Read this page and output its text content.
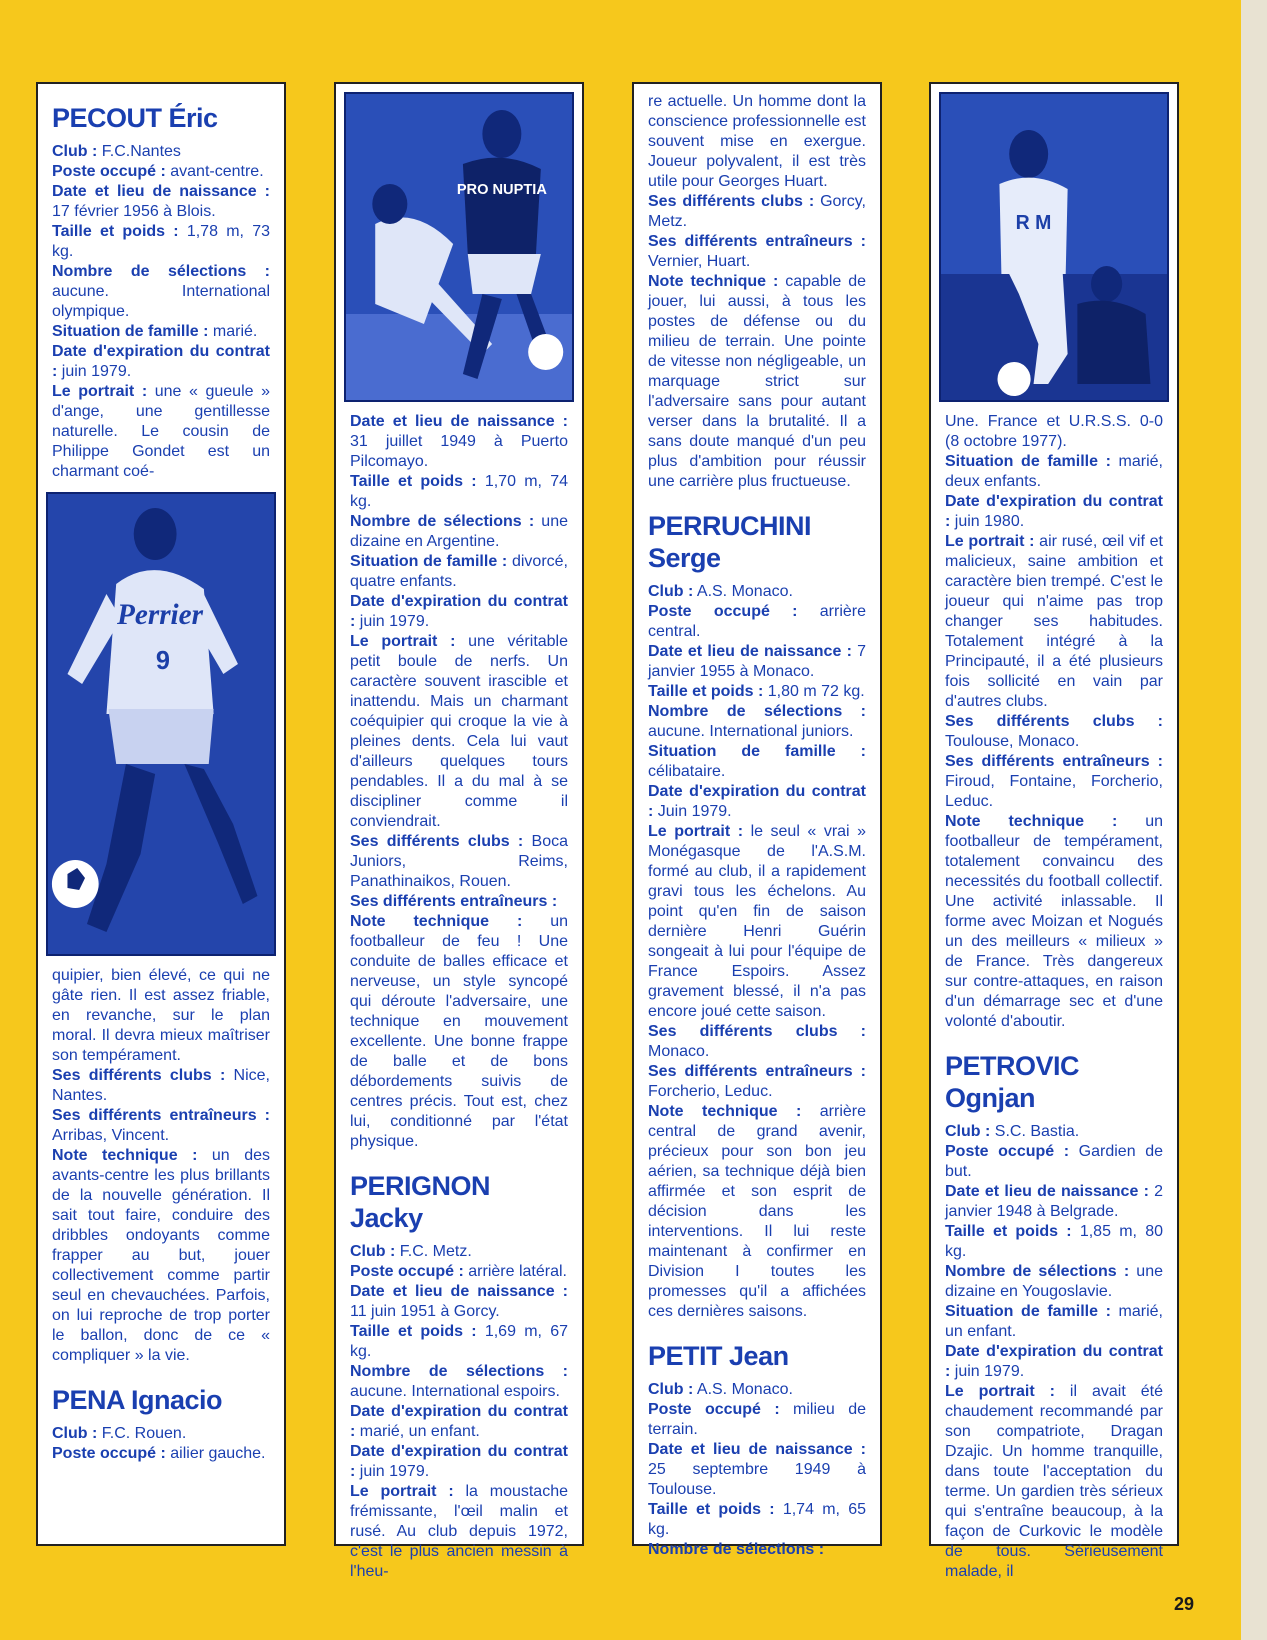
PECOUT Éric

Club : F.C.Nantes

Poste occupé : avant-centre.

Date et lieu de naissance : 17 février 1956 à Blois.

Taille et poids : 1,78 m, 73 kg.

Nombre de sélections : aucune. International olympique.

Situation de famille : marié.

Date d'expiration du contrat : juin 1979.

Le portrait : une « gueule » d'ange, une gentillesse naturelle. Le cousin de Philippe Gondet est un charmant coé-

Perrier
9

quipier, bien élevé, ce qui ne gâte rien. Il est assez friable, en revanche, sur le plan moral. Il devra mieux maîtriser son tempérament.

Ses différents clubs : Nice, Nantes.

Ses différents entraîneurs : Arribas, Vincent.

Note technique : un des avants-centre les plus brillants de la nouvelle génération. Il sait tout faire, conduire des dribbles ondoyants comme frapper au but, jouer collectivement comme partir seul en chevauchées. Parfois, on lui reproche de trop porter le ballon, donc de ce « compliquer » la vie.

PENA Ignacio

Club : F.C. Rouen.

Poste occupé : ailier gauche.

PRO NUPTIA

Date et lieu de naissance : 31 juillet 1949 à Puerto Pilcomayo.

Taille et poids : 1,70 m, 74 kg.

Nombre de sélections : une dizaine en Argentine.

Situation de famille : divorcé, quatre enfants.

Date d'expiration du contrat : juin 1979.

Le portrait : une véritable petit boule de nerfs. Un caractère souvent irascible et inattendu. Mais un charmant coéquipier qui croque la vie à pleines dents. Cela lui vaut d'ailleurs quelques tours pendables. Il a du mal à se discipliner comme il conviendrait.

Ses différents clubs : Boca Juniors, Reims, Panathinaikos, Rouen.

Ses différents entraîneurs :

Note technique : un footballeur de feu ! Une conduite de balles efficace et nerveuse, un style syncopé qui déroute l'adversaire, une technique en mouvement excellente. Une bonne frappe de balle et de bons débordements suivis de centres précis. Tout est, chez lui, conditionné par l'état physique.

PERIGNON Jacky

Club : F.C. Metz.

Poste occupé : arrière latéral.

Date et lieu de naissance : 11 juin 1951 à Gorcy.

Taille et poids : 1,69 m, 67 kg.

Nombre de sélections : aucune. International espoirs.

Date d'expiration du contrat : marié, un enfant.

Date d'expiration du contrat : juin 1979.

Le portrait : la moustache frémissante, l'œil malin et rusé. Au club depuis 1972, c'est le plus ancien messin à l'heu-

re actuelle. Un homme dont la conscience professionnelle est souvent mise en exergue. Joueur polyvalent, il est très utile pour Georges Huart.

Ses différents clubs : Gorcy, Metz.

Ses différents entraîneurs : Vernier, Huart.

Note technique : capable de jouer, lui aussi, à tous les postes de défense ou du milieu de terrain. Une pointe de vitesse non négligeable, un marquage strict sur l'adversaire sans pour autant verser dans la brutalité. Il a sans doute manqué d'un peu plus d'ambition pour réussir une carrière plus fructueuse.

PERRUCHINI Serge

Club : A.S. Monaco.

Poste occupé : arrière central.

Date et lieu de naissance : 7 janvier 1955 à Monaco.

Taille et poids : 1,80 m 72 kg.

Nombre de sélections : aucune. International juniors.

Situation de famille : célibataire.

Date d'expiration du contrat : Juin 1979.

Le portrait : le seul « vrai » Monégasque de l'A.S.M. formé au club, il a rapidement gravi tous les échelons. Au point qu'en fin de saison dernière Henri Guérin songeait à lui pour l'équipe de France Espoirs. Assez gravement blessé, il n'a pas encore joué cette saison.

Ses différents clubs : Monaco.

Ses différents entraîneurs : Forcherio, Leduc.

Note technique : arrière central de grand avenir, précieux pour son bon jeu aérien, sa technique déjà bien affirmée et son esprit de décision dans les interventions. Il lui reste maintenant à confirmer en Division I toutes les promesses qu'il a affichées ces dernières saisons.

PETIT Jean

Club : A.S. Monaco.

Poste occupé : milieu de terrain.

Date et lieu de naissance : 25 septembre 1949 à Toulouse.

Taille et poids : 1,74 m, 65 kg.

Nombre de sélections :

R M

Une. France et U.R.S.S. 0-0 (8 octobre 1977).

Situation de famille : marié, deux enfants.

Date d'expiration du contrat : juin 1980.

Le portrait : air rusé, œil vif et malicieux, saine ambition et caractère bien trempé. C'est le joueur qui n'aime pas trop changer ses habitudes. Totalement intégré à la Principauté, il a été plusieurs fois sollicité en vain par d'autres clubs.

Ses différents clubs : Toulouse, Monaco.

Ses différents entraîneurs : Firoud, Fontaine, Forcherio, Leduc.

Note technique : un footballeur de tempérament, totalement convaincu des necessités du football collectif. Une activité inlassable. Il forme avec Moizan et Nogués un des meilleurs « milieux » de France. Très dangereux sur contre-attaques, en raison d'un démarrage sec et d'une volonté d'aboutir.

PETROVIC Ognjan

Club : S.C. Bastia.

Poste occupé : Gardien de but.

Date et lieu de naissance : 2 janvier 1948 à Belgrade.

Taille et poids : 1,85 m, 80 kg.

Nombre de sélections : une dizaine en Yougoslavie.

Situation de famille : marié, un enfant.

Date d'expiration du contrat : juin 1979.

Le portrait : il avait été chaudement recommandé par son compatriote, Dragan Dzajic. Un homme tranquille, dans toute l'acceptation du terme. Un gardien très sérieux qui s'entraîne beaucoup, à la façon de Curkovic le modèle de tous. Sérieusement malade, il

29
